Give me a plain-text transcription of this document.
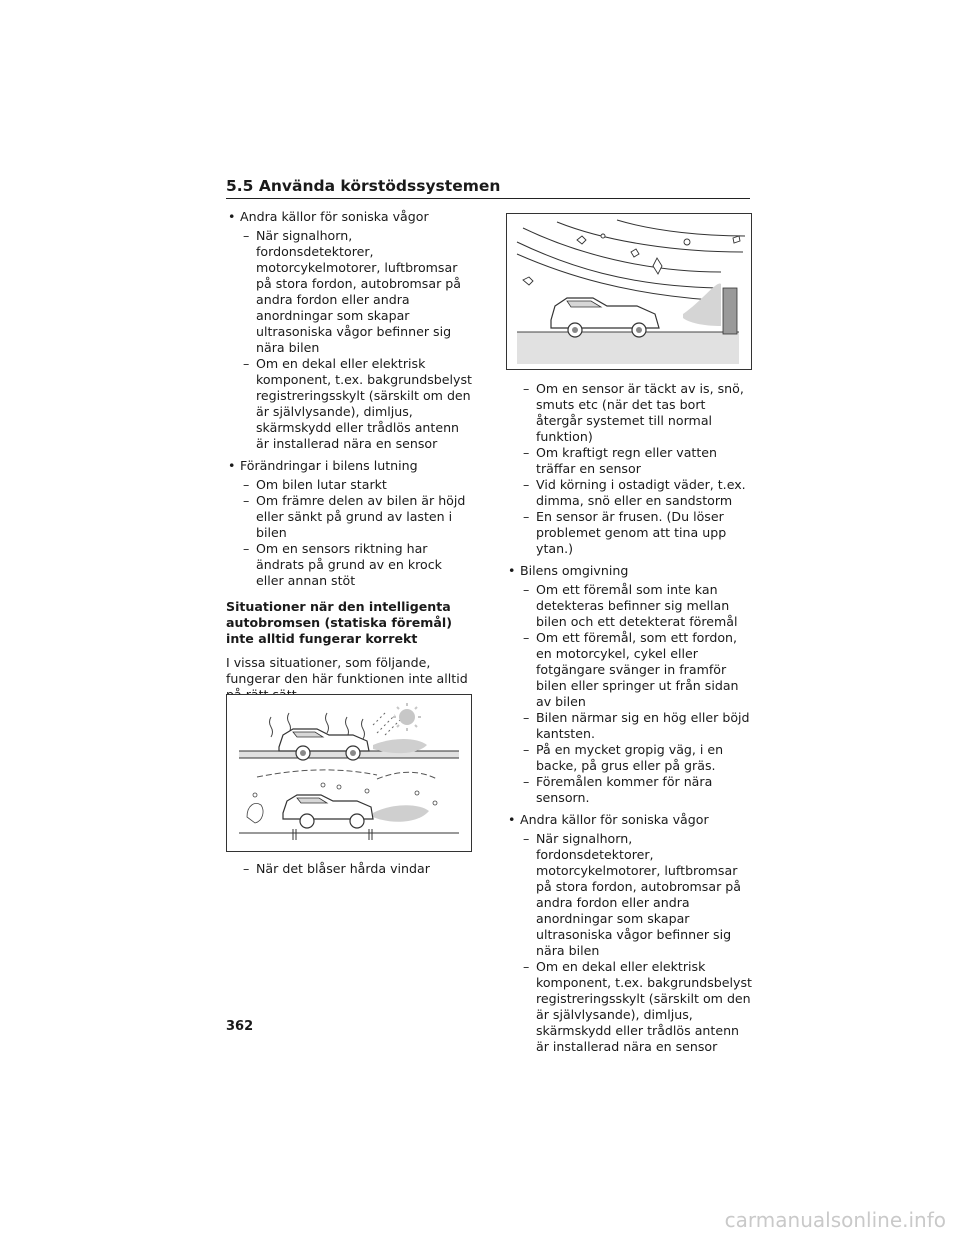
5.5 Använda körstödssystemen

• Andra källor för soniska vågor

– När signalhorn, fordonsdetektorer, motorcykelmotorer, luftbromsar på stora fordon, autobromsar på andra fordon eller andra anordningar som skapar ultrasoniska vågor befinner sig nära bilen

– Om en dekal eller elektrisk komponent, t.ex. bakgrundsbelyst registreringsskylt (särskilt om den är självlysande), dimljus, skärmskydd eller trådlös antenn är installerad nära en sensor

• Förändringar i bilens lutning

– Om bilen lutar starkt

– Om främre delen av bilen är höjd eller sänkt på grund av lasten i bilen

– Om en sensors riktning har ändrats på grund av en krock eller annan stöt

Situationer när den intelligenta autobromsen (statiska föremål) inte alltid fungerar korrekt

I vissa situationer, som följande, fungerar den här funktionen inte alltid

•

–

– När det blåser hårda vindar

– Om en sensor är täckt av is, snö, smuts etc (när det tas bort återgår systemet till normal funktion)

– Om kraftigt regn eller vatten träffar en sensor

– Vid körning i ostadigt väder, t.ex. dimma, snö eller en sandstorm

– En sensor är frusen. (Du löser problemet genom att tina upp ytan.)

• Bilens omgivning

– Om ett föremål som inte kan detekteras befinner sig mellan bilen och ett detekterat föremål

– Om ett föremål, som ett fordon, en motorcykel, cykel eller fotgängare svänger in framför bilen eller springer ut från sidan av bilen

– Bilen närmar sig en hög eller böjd kantsten.

– På en mycket gropig väg, i en backe, på grus eller på gräs.

– Föremålen kommer för nära sensorn.

• Andra källor för soniska vågor

– När signalhorn, fordonsdetektorer, motorcykelmotorer, luftbromsar på stora fordon, autobromsar på andra fordon eller andra anordningar som skapar ultrasoniska vågor befinner sig nära bilen

– Om en dekal eller elektrisk komponent, t.ex. bakgrundsbelyst registreringsskylt (särskilt om den är självlysande), dimljus, skärmskydd eller trådlös antenn är installerad nära en sensor

362

carmanualsonline.info
